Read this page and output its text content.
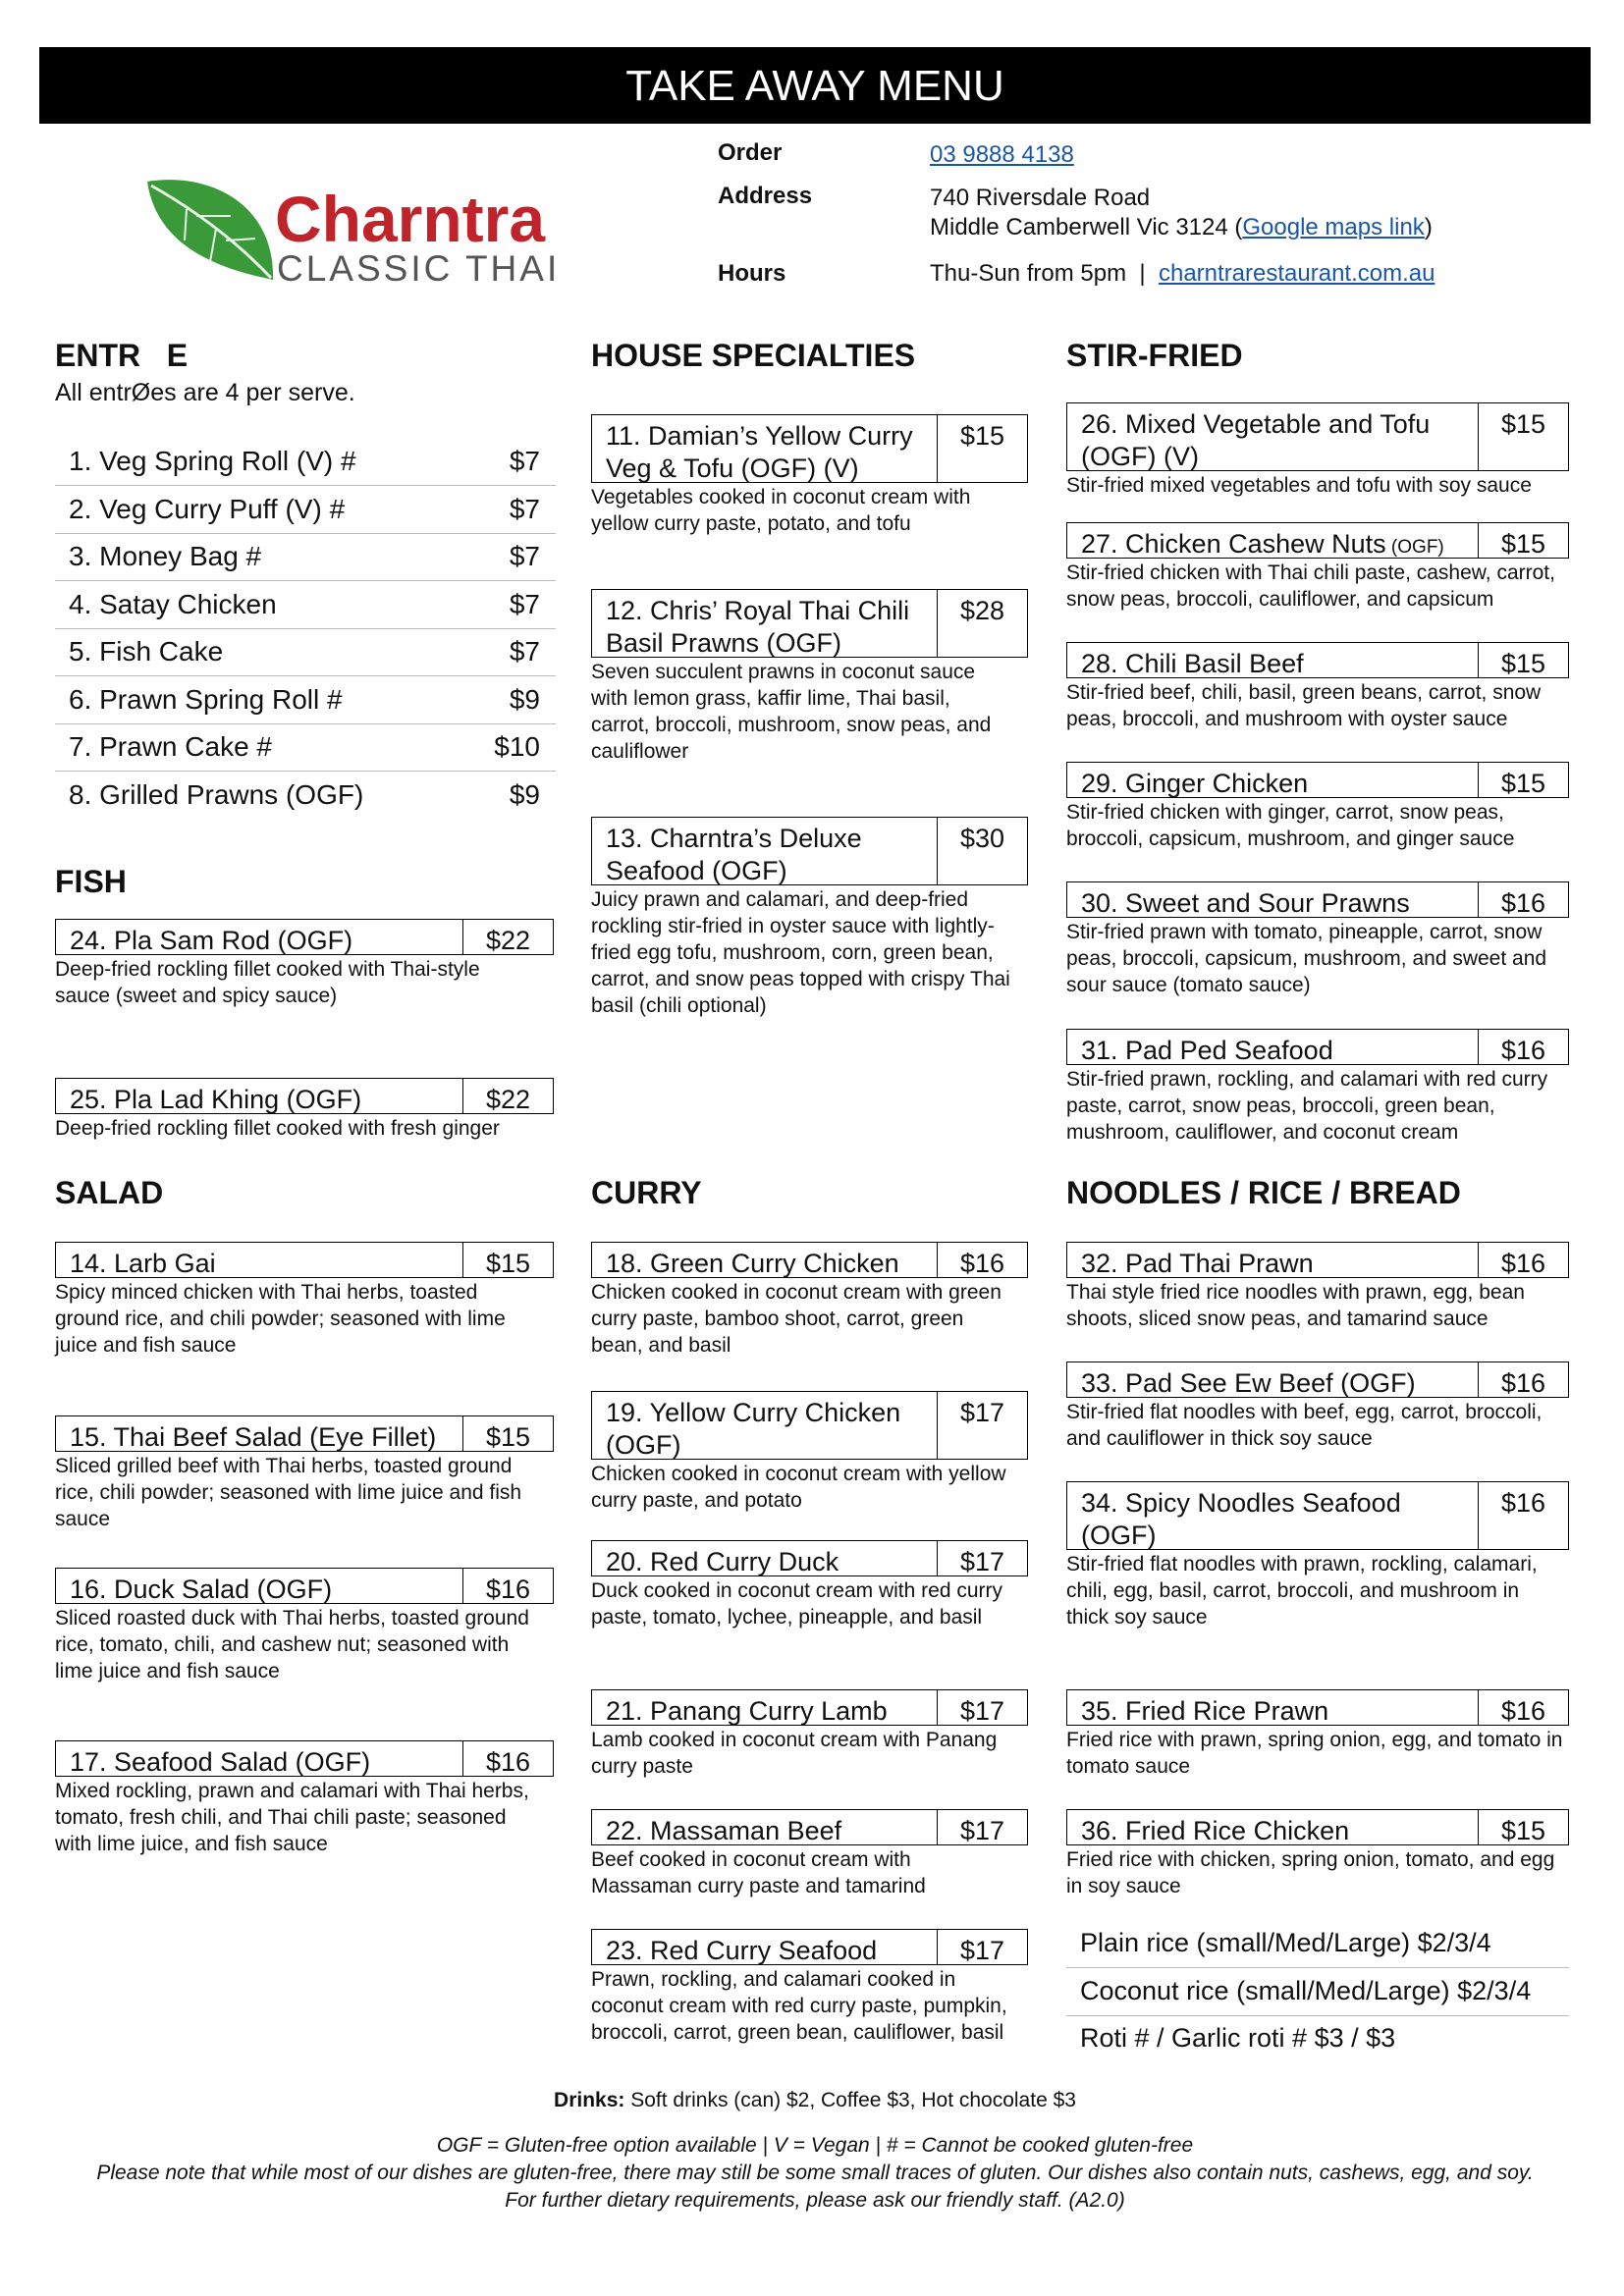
TAKE AWAY MENU
Charntra
CLASSIC THAI
Order	03 9888 4138
Address	740 Riversdale Road
Middle Camberwell Vic 3124 (Google maps link)
Hours	Thu-Sun from 5pm  |  charntrarestaurant.com.au
ENTR   E
All entrØes are 4 per serve.
1. Veg Spring Roll (V) #	$7
2. Veg Curry Puff (V) #	$7
3. Money Bag #	$7
4. Satay Chicken	$7
5. Fish Cake	$7
6. Prawn Spring Roll #	$9
7. Prawn Cake #	$10
8. Grilled Prawns (OGF)	$9
FISH
24. Pla Sam Rod (OGF)	$22
Deep-fried rockling fillet cooked with Thai-style
sauce (sweet and spicy sauce)
25. Pla Lad Khing (OGF)	$22
Deep-fried rockling fillet cooked with fresh ginger
HOUSE SPECIALTIES
11. Damian’s Yellow Curry
Veg & Tofu (OGF) (V)
$15
Vegetables cooked in coconut cream with
yellow curry paste, potato, and tofu
12. Chris’ Royal Thai Chili
Basil Prawns (OGF)
$28
Seven succulent prawns in coconut sauce
with lemon grass, kaffir lime, Thai basil,
carrot, broccoli, mushroom, snow peas, and
cauliflower
13. Charntra’s Deluxe
Seafood (OGF)
$30
Juicy prawn and calamari, and deep-fried
rockling stir-fried in oyster sauce with lightly-
fried egg tofu, mushroom, corn, green bean,
carrot, and snow peas topped with crispy Thai
basil (chili optional)
STIR-FRIED
26. Mixed Vegetable and Tofu
(OGF) (V)
$15
Stir-fried mixed vegetables and tofu with soy sauce
27. Chicken Cashew Nuts (OGF)	$15
Stir-fried chicken with Thai chili paste, cashew, carrot,
snow peas, broccoli, cauliflower, and capsicum
28. Chili Basil Beef	$15
Stir-fried beef, chili, basil, green beans, carrot, snow
peas, broccoli, and mushroom with oyster sauce
29. Ginger Chicken	$15
Stir-fried chicken with ginger, carrot, snow peas,
broccoli, capsicum, mushroom, and ginger sauce
30. Sweet and Sour Prawns	$16
Stir-fried prawn with tomato, pineapple, carrot, snow
peas, broccoli, capsicum, mushroom, and sweet and
sour sauce (tomato sauce)
31. Pad Ped Seafood	$16
Stir-fried prawn, rockling, and calamari with red curry
paste, carrot, snow peas, broccoli, green bean,
mushroom, cauliflower, and coconut cream
SALAD
14. Larb Gai	$15
Spicy minced chicken with Thai herbs, toasted
ground rice, and chili powder; seasoned with lime
juice and fish sauce
15. Thai Beef Salad (Eye Fillet)	$15
Sliced grilled beef with Thai herbs, toasted ground
rice, chili powder; seasoned with lime juice and fish
sauce
16. Duck Salad (OGF)	$16
Sliced roasted duck with Thai herbs, toasted ground
rice, tomato, chili, and cashew nut; seasoned with
lime juice and fish sauce
17. Seafood Salad (OGF)	$16
Mixed rockling, prawn and calamari with Thai herbs,
tomato, fresh chili, and Thai chili paste; seasoned
with lime juice, and fish sauce
CURRY
18. Green Curry Chicken	$16
Chicken cooked in coconut cream with green
curry paste, bamboo shoot, carrot, green
bean, and basil
19. Yellow Curry Chicken
(OGF)
$17
Chicken cooked in coconut cream with yellow
curry paste, and potato
20. Red Curry Duck	$17
Duck cooked in coconut cream with red curry
paste, tomato, lychee, pineapple, and basil
21. Panang Curry Lamb	$17
Lamb cooked in coconut cream with Panang
curry paste
22. Massaman Beef	$17
Beef cooked in coconut cream with
Massaman curry paste and tamarind
23. Red Curry Seafood	$17
Prawn, rockling, and calamari cooked in
coconut cream with red curry paste, pumpkin,
broccoli, carrot, green bean, cauliflower, basil
NOODLES / RICE / BREAD
32. Pad Thai Prawn	$16
Thai style fried rice noodles with prawn, egg, bean
shoots, sliced snow peas, and tamarind sauce
33. Pad See Ew Beef (OGF)	$16
Stir-fried flat noodles with beef, egg, carrot, broccoli,
and cauliflower in thick soy sauce
34. Spicy Noodles Seafood
(OGF)
$16
Stir-fried flat noodles with prawn, rockling, calamari,
chili, egg, basil, carrot, broccoli, and mushroom in
thick soy sauce
35. Fried Rice Prawn	$16
Fried rice with prawn, spring onion, egg, and tomato in
tomato sauce
36. Fried Rice Chicken	$15
Fried rice with chicken, spring onion, tomato, and egg
in soy sauce
Plain rice (small/Med/Large) $2/3/4
Coconut rice (small/Med/Large) $2/3/4
Roti # / Garlic roti # $3 / $3
Drinks: Soft drinks (can) $2, Coffee $3, Hot chocolate $3
OGF = Gluten-free option available | V = Vegan | # = Cannot be cooked gluten-free
Please note that while most of our dishes are gluten-free, there may still be some small traces of gluten. Our dishes also contain nuts, cashews, egg, and soy.
For further dietary requirements, please ask our friendly staff. (A2.0)
